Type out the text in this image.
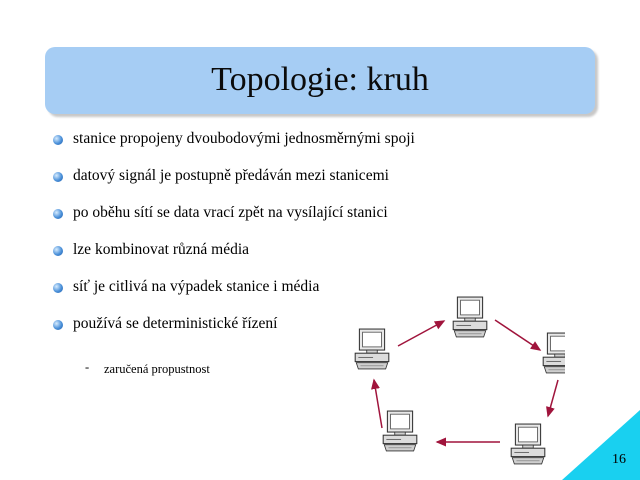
Topologie: kruh
stanice propojeny dvoubodovými jednosměrnými spoji
datový signál je postupně předáván mezi stanicemi
po oběhu sítí se data vrací zpět na vysílající stanici
lze kombinovat různá média
síť je citlivá na výpadek stanice i média
používá se deterministické řízení
- zaručená propustnost
16
